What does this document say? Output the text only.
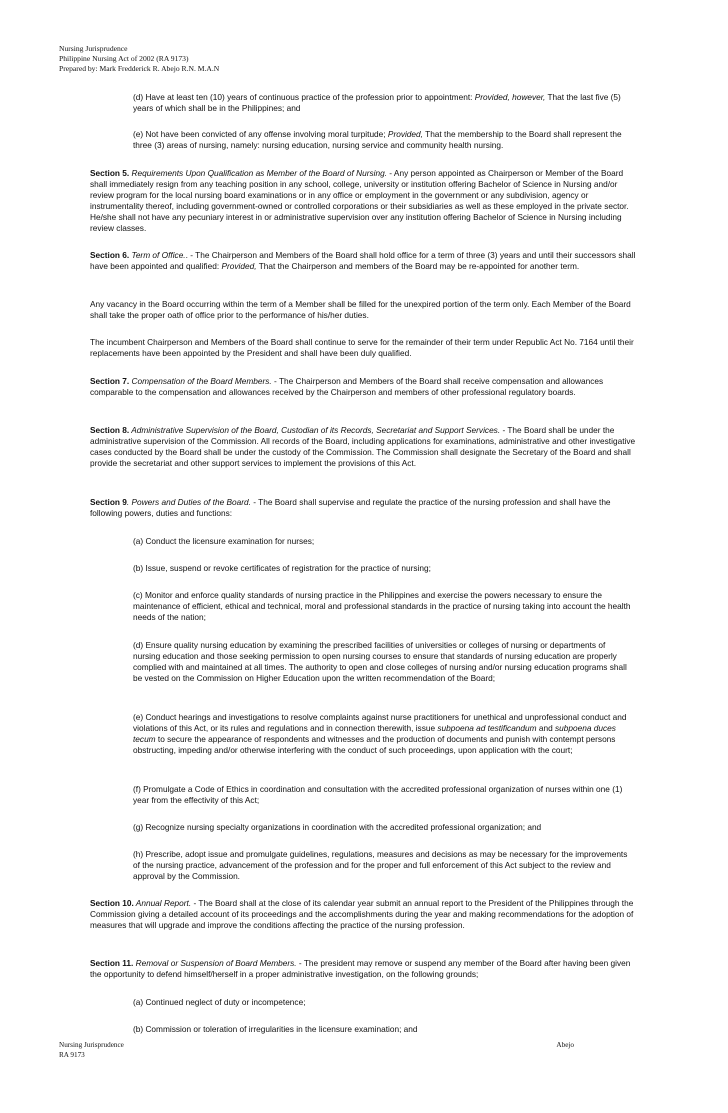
Nursing Jurisprudence
Philippine Nursing Act of 2002 (RA 9173)
Prepared by: Mark Fredderick R. Abejo R.N. M.A.N

(d) Have at least ten (10) years of continuous practice of the profession prior to appointment: Provided, however, That the last five (5) years of which shall be in the Philippines; and

(e) Not have been convicted of any offense involving moral turpitude; Provided, That the membership to the Board shall represent the three (3) areas of nursing, namely: nursing education, nursing service and community health nursing.

Section 5. Requirements Upon Qualification as Member of the Board of Nursing. - Any person appointed as Chairperson or Member of the Board shall immediately resign from any teaching position in any school, college, university or institution offering Bachelor of Science in Nursing and/or review program for the local nursing board examinations or in any office or employment in the government or any subdivision, agency or instrumentality thereof, including government-owned or controlled corporations or their subsidiaries as well as these employed in the private sector. He/she shall not have any pecuniary interest in or administrative supervision over any institution offering Bachelor of Science in Nursing including review classes.

Section 6. Term of Office.. - The Chairperson and Members of the Board shall hold office for a term of three (3) years and until their successors shall have been appointed and qualified: Provided, That the Chairperson and members of the Board may be re-appointed for another term.

Any vacancy in the Board occurring within the term of a Member shall be filled for the unexpired portion of the term only. Each Member of the Board shall take the proper oath of office prior to the performance of his/her duties.

The incumbent Chairperson and Members of the Board shall continue to serve for the remainder of their term under Republic Act No. 7164 until their replacements have been appointed by the President and shall have been duly qualified.

Section 7. Compensation of the Board Members. - The Chairperson and Members of the Board shall receive compensation and allowances comparable to the compensation and allowances received by the Chairperson and members of other professional regulatory boards.

Section 8. Administrative Supervision of the Board, Custodian of its Records, Secretariat and Support Services. - The Board shall be under the administrative supervision of the Commission. All records of the Board, including applications for examinations, administrative and other investigative cases conducted by the Board shall be under the custody of the Commission. The Commission shall designate the Secretary of the Board and shall provide the secretariat and other support services to implement the provisions of this Act.

Section 9. Powers and Duties of the Board. - The Board shall supervise and regulate the practice of the nursing profession and shall have the following powers, duties and functions:

(a) Conduct the licensure examination for nurses;

(b) Issue, suspend or revoke certificates of registration for the practice of nursing;

(c) Monitor and enforce quality standards of nursing practice in the Philippines and exercise the powers necessary to ensure the maintenance of efficient, ethical and technical, moral and professional standards in the practice of nursing taking into account the health needs of the nation;

(d) Ensure quality nursing education by examining the prescribed facilities of universities or colleges of nursing or departments of nursing education and those seeking permission to open nursing courses to ensure that standards of nursing education are properly complied with and maintained at all times. The authority to open and close colleges of nursing and/or nursing education programs shall be vested on the Commission on Higher Education upon the written recommendation of the Board;

(e) Conduct hearings and investigations to resolve complaints against nurse practitioners for unethical and unprofessional conduct and violations of this Act, or its rules and regulations and in connection therewith, issue subpoena ad testificandum and subpoena duces tecum to secure the appearance of respondents and witnesses and the production of documents and punish with contempt persons obstructing, impeding and/or otherwise interfering with the conduct of such proceedings, upon application with the court;

(f) Promulgate a Code of Ethics in coordination and consultation with the accredited professional organization of nurses within one (1) year from the effectivity of this Act;

(g) Recognize nursing specialty organizations in coordination with the accredited professional organization; and

(h) Prescribe, adopt issue and promulgate guidelines, regulations, measures and decisions as may be necessary for the improvements of the nursing practice, advancement of the profession and for the proper and full enforcement of this Act subject to the review and approval by the Commission.

Section 10. Annual Report. - The Board shall at the close of its calendar year submit an annual report to the President of the Philippines through the Commission giving a detailed account of its proceedings and the accomplishments during the year and making recommendations for the adoption of measures that will upgrade and improve the conditions affecting the practice of the nursing profession.

Section 11. Removal or Suspension of Board Members. - The president may remove or suspend any member of the Board after having been given the opportunity to defend himself/herself in a proper administrative investigation, on the following grounds;

(a) Continued neglect of duty or incompetence;

(b) Commission or toleration of irregularities in the licensure examination; and

Nursing Jurisprudence
RA 9173
Abejo
